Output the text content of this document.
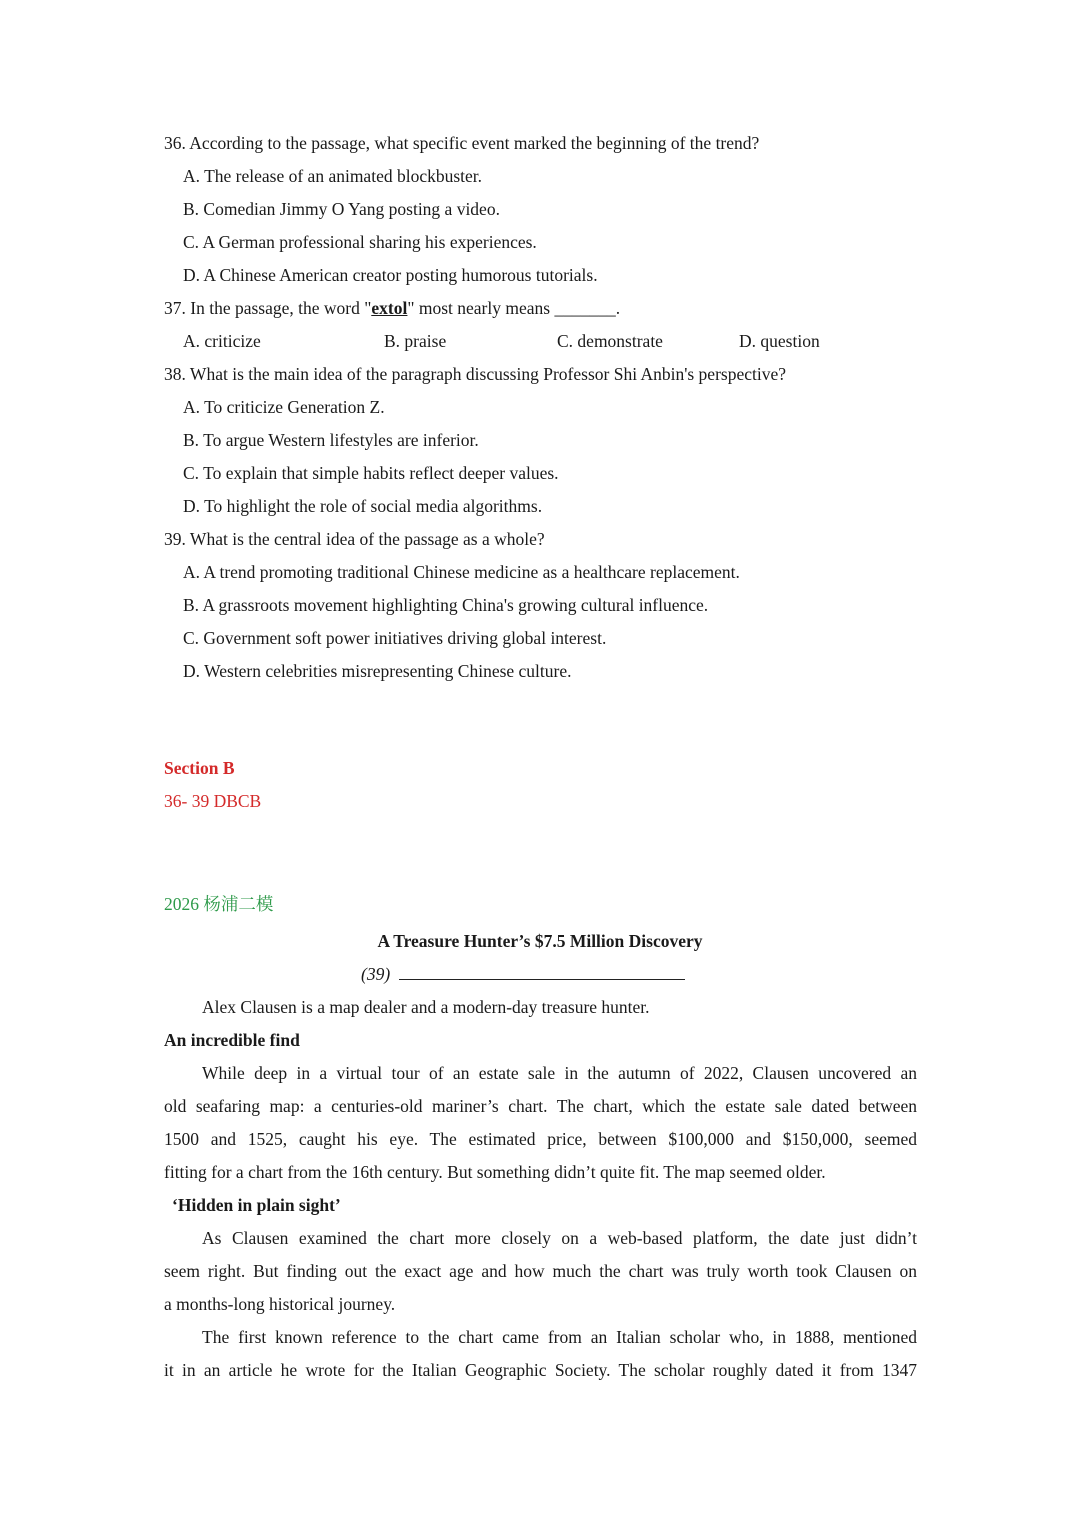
36. According to the passage, what specific event marked the beginning of the trend?
A. The release of an animated blockbuster.
B. Comedian Jimmy O Yang posting a video.
C. A German professional sharing his experiences.
D. A Chinese American creator posting humorous tutorials.
37. In the passage, the word "extol" most nearly means _______.
A. criticize	B. praise	C. demonstrate	D. question
38. What is the main idea of the paragraph discussing Professor Shi Anbin's perspective?
A. To criticize Generation Z.
B. To argue Western lifestyles are inferior.
C. To explain that simple habits reflect deeper values.
D. To highlight the role of social media algorithms.
39. What is the central idea of the passage as a whole?
A. A trend promoting traditional Chinese medicine as a healthcare replacement.
B. A grassroots movement highlighting China's growing cultural influence.
C. Government soft power initiatives driving global interest.
D. Western celebrities misrepresenting Chinese culture.
Section B
36- 39 DBCB
2026 杨浦二模
A Treasure Hunter’s $7.5 Million Discovery
(39)
Alex Clausen is a map dealer and a modern-day treasure hunter.
An incredible find
While deep in a virtual tour of an estate sale in the autumn of 2022, Clausen uncovered an
old seafaring map: a centuries-old mariner’s chart. The chart, which the estate sale dated between
1500 and 1525, caught his eye. The estimated price, between $100,000 and $150,000, seemed
fitting for a chart from the 16th century. But something didn’t quite fit. The map seemed older.
‘Hidden in plain sight’
As Clausen examined the chart more closely on a web-based platform, the date just didn’t
seem right. But finding out the exact age and how much the chart was truly worth took Clausen on
a months-long historical journey.
The first known reference to the chart came from an Italian scholar who, in 1888, mentioned
it in an article he wrote for the Italian Geographic Society. The scholar roughly dated it from 1347
